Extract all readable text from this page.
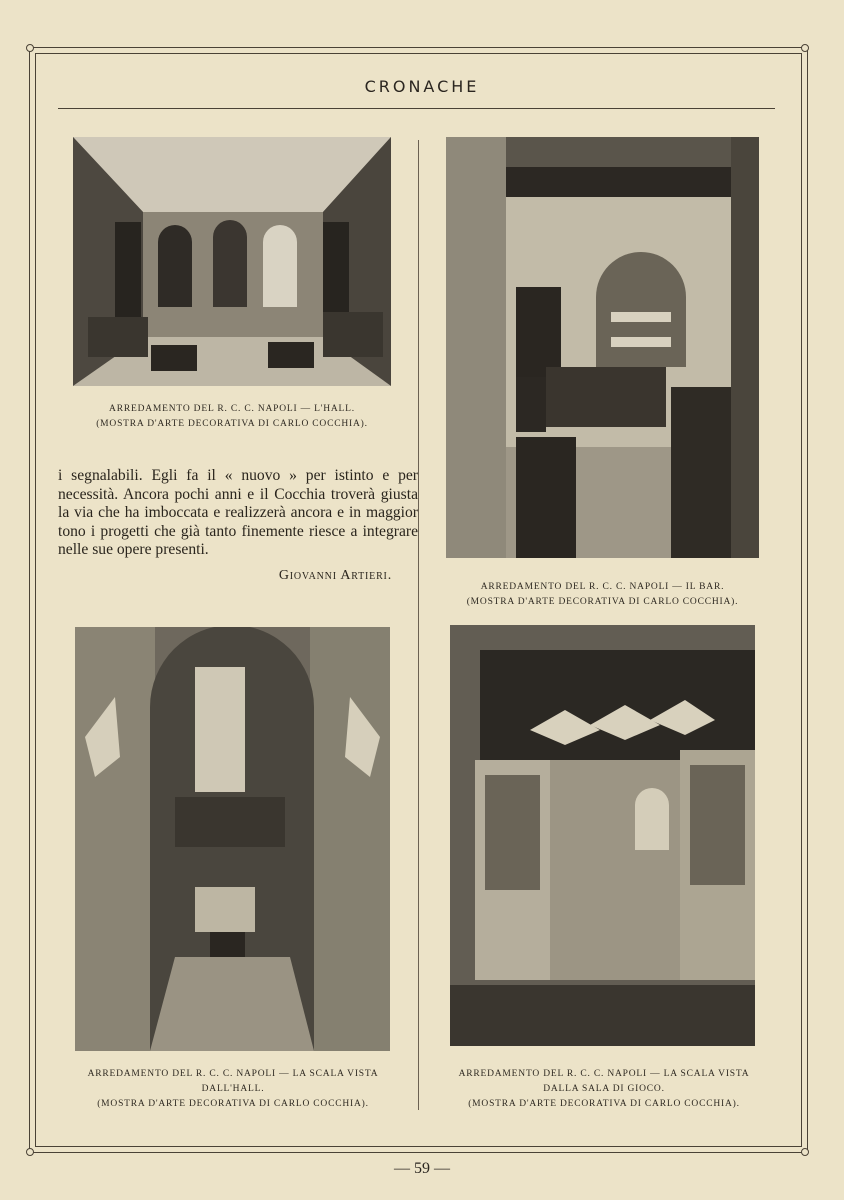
CRONACHE
ARREDAMENTO DEL R. C. C. NAPOLI — L'HALL.
(MOSTRA D'ARTE DECORATIVA DI CARLO COCCHIA).
ARREDAMENTO DEL R. C. C. NAPOLI — IL BAR.
(MOSTRA D'ARTE DECORATIVA DI CARLO COCCHIA).
i segnalabili. Egli fa il « nuovo » per istinto e per necessità. Ancora pochi anni e il Cocchia troverà giusta la via che ha imboccata e realizzerà ancora e in maggior tono i progetti che già tanto finemente riesce a integrare nelle sue opere presenti.
Giovanni Artieri.
ARREDAMENTO DEL R. C. C. NAPOLI — LA SCALA VISTA
DALL'HALL.
(MOSTRA D'ARTE DECORATIVA DI CARLO COCCHIA).
ARREDAMENTO DEL R. C. C. NAPOLI — LA SCALA VISTA
DALLA SALA DI GIOCO.
(MOSTRA D'ARTE DECORATIVA DI CARLO COCCHIA).
— 59 —
